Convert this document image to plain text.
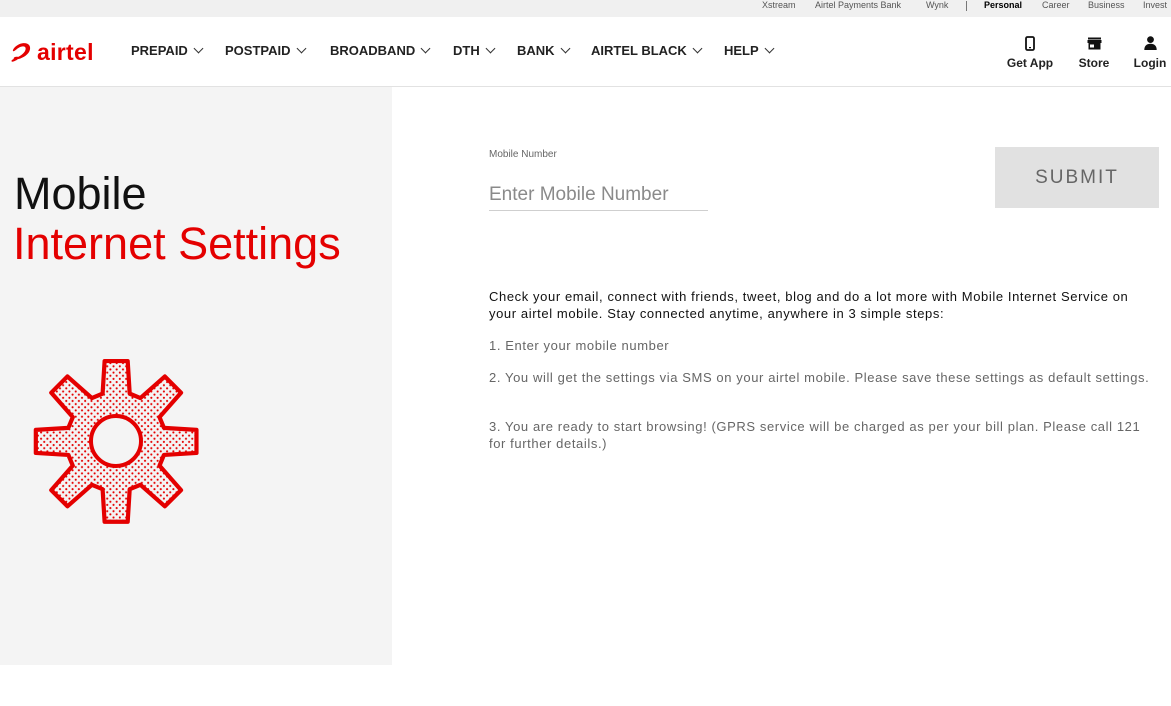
Xstream Airtel Payments Bank	Wynk	Personal Career Business Invest
airtel	PREPAID	POSTPAID	BROADBAND	DTH	BANK	AIRTEL BLACK	HELP
Get App	Store	Login
Mobile
Internet Settings
Mobile Number
Enter Mobile Number
SUBMIT
Check your email, connect with friends, tweet, blog and do a lot more with Mobile Internet Service on your airtel mobile. Stay connected anytime, anywhere in 3 simple steps:
1. Enter your mobile number
2. You will get the settings via SMS on your airtel mobile. Please save these settings as default settings.
3. You are ready to start browsing! (GPRS service will be charged as per your bill plan. Please call 121 for further details.)
